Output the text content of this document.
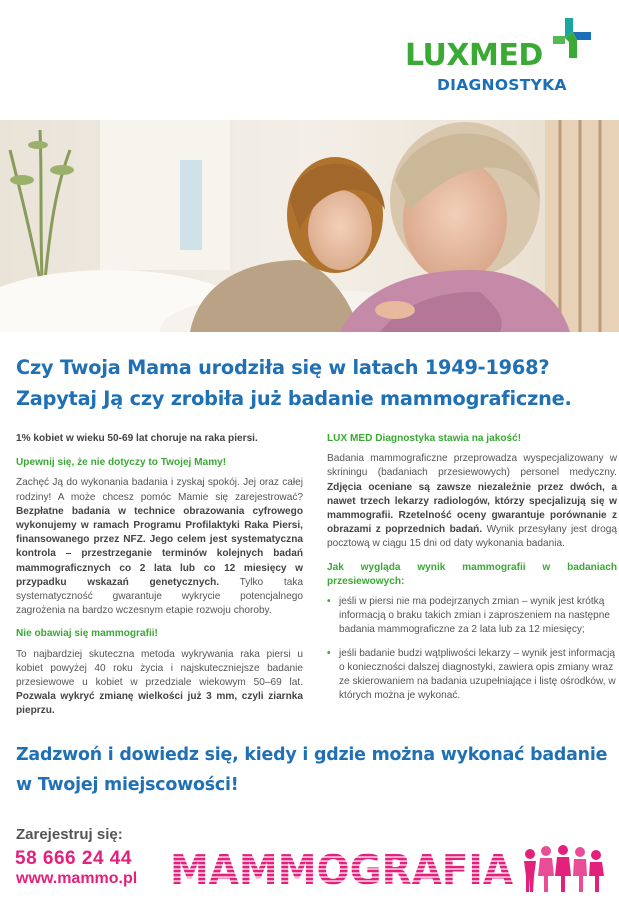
LUXMED
DIAGNOSTYKA
Czy Twoja Mama urodziła się w latach 1949-1968?
Zapytaj Ją czy zrobiła już badanie mammograficzne.
1% kobiet w wieku 50-69 lat choruje na raka piersi.
Upewnij się, że nie dotyczy to Twojej Mamy!
Zachęć Ją do wykonania badania i zyskaj spokój. Jej oraz całej rodziny! A może chcesz pomóc Mamie się zarejestrować? Bezpłatne badania w technice obrazowania cyfrowego wykonujemy w ramach Programu Profilaktyki Raka Piersi, finansowanego przez NFZ. Jego celem jest systematyczna kontrola – przestrzeganie terminów kolejnych badań mammograficznych co 2 lata lub co 12 miesięcy w przypadku wskazań genetycznych. Tylko taka systematyczność gwarantuje wykrycie potencjalnego zagrożenia na bardzo wczesnym etapie rozwoju choroby.
Nie obawiaj się mammografii!
To najbardziej skuteczna metoda wykrywania raka piersi u kobiet powyżej 40 roku życia i najskuteczniejsze badanie przesiewowe u kobiet w przedziale wiekowym 50–69 lat. Pozwala wykryć zmianę wielkości już 3 mm, czyli ziarnka pieprzu.
LUX MED Diagnostyka stawia na jakość!
Badania mammograficzne przeprowadza wyspecjalizowany w skriningu (badaniach przesiewowych) personel medyczny. Zdjęcia oceniane są zawsze niezależnie przez dwóch, a nawet trzech lekarzy radiologów, którzy specjalizują się w mammografii. Rzetelność oceny gwarantuje porównanie z obrazami z poprzednich badań. Wynik przesyłany jest drogą pocztową w ciągu 15 dni od daty wykonania badania.
Jak wygląda wynik mammografii w badaniach przesiewowych:
• jeśli w piersi nie ma podejrzanych zmian – wynik jest krótką informacją o braku takich zmian i zaproszeniem na następne badania mammograficzne za 2 lata lub za 12 miesięcy;
• jeśli badanie budzi wątpliwości lekarzy – wynik jest informacją o konieczności dalszej diagnostyki, zawiera opis zmiany wraz ze skierowaniem na badania uzupełniające i listę ośrodków, w których można je wykonać.
Zadzwoń i dowiedz się, kiedy i gdzie można wykonać badanie
w Twojej miejscowości!
Zarejestruj się:
58 666 24 44
www.mammo.pl MAMMOGRAFIA
